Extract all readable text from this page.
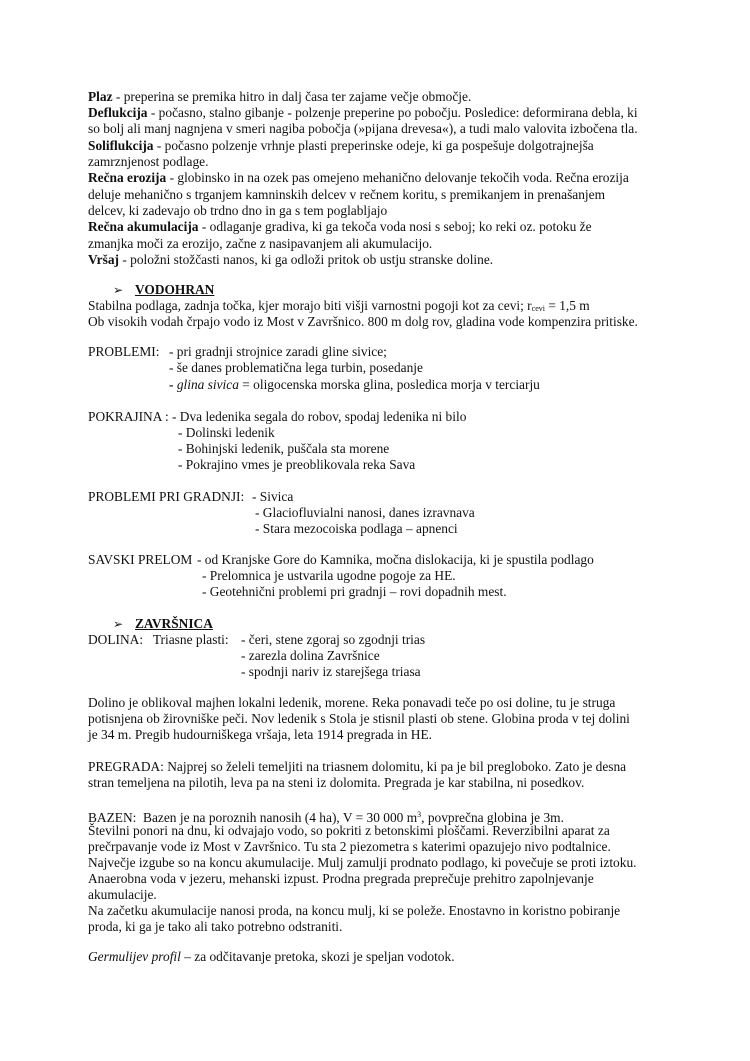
Plaz - preperina se premika hitro in dalj časa ter zajame večje območje.
Deflukcija - počasno, stalno gibanje - polzenje preperine po pobočju. Posledice: deformirana debla, ki
so bolj ali manj nagnjena v smeri nagiba pobočja (»pijana drevesa«), a tudi malo valovita izbočena tla.
Soliflukcija - počasno polzenje vrhnje plasti preperinske odeje, ki ga pospešuje dolgotrajnejša
zamrznjenost podlage.
Rečna erozija - globinsko in na ozek pas omejeno mehanično delovanje tekočih voda. Rečna erozija
deluje mehanično s trganjem kamninskih delcev v rečnem koritu, s premikanjem in prenašanjem
delcev, ki zadevajo ob trdno dno in ga s tem poglabljajo
Rečna akumulacija - odlaganje gradiva, ki ga tekoča voda nosi s seboj; ko reki oz. potoku že
zmanjka moči za erozijo, začne z nasipavanjem ali akumulacijo.
Vršaj - položni stožčasti nanos, ki ga odloži pritok ob ustju stranske doline.
➢ VODOHRAN
Stabilna podlaga, zadnja točka, kjer morajo biti višji varnostni pogoji kot za cevi; $r_{cevi} = 1,5$ m
Ob visokih vodah črpajo vodo iz Most v Završnico. 800 m dolg rov, gladina vode kompenzira pritiske.
PROBLEMI: - pri gradnji strojnice zaradi gline sivice;
- še danes problematična lega turbin, posedanje
- glina sivica = oligocenska morska glina, posledica morja v terciarju
POKRAJINA : - Dva ledenika segala do robov, spodaj ledenika ni bilo
- Dolinski ledenik
- Bohinjski ledenik, puščala sta morene
- Pokrajino vmes je preoblikovala reka Sava
PROBLEMI PRI GRADNJI: - Sivica
- Glaciofluvialni nanosi, danes izravnava
- Stara mezocoiska podlaga – apnenci
SAVSKI PRELOM - od Kranjske Gore do Kamnika, močna dislokacija, ki je spustila podlago
- Prelomnica je ustvarila ugodne pogoje za HE.
- Geotehnični problemi pri gradnji – rovi dopadnih mest.
➢ ZAVRŠNICA
DOLINA:   Triasne plasti: - čeri, stene zgoraj so zgodnji trias
- zarezla dolina Završnice
- spodnji nariv iz starejšega triasa
Dolino je oblikoval majhen lokalni ledenik, morene. Reka ponavadi teče po osi doline, tu je struga
potisnjena ob žirovniške peči. Nov ledenik s Stola je stisnil plasti ob stene. Globina proda v tej dolini
je 34 m. Pregib hudourniškega vršaja, leta 1914 pregrada in HE.
PREGRADA: Najprej so želeli temeljiti na triasnem dolomitu, ki pa je bil pregloboko. Zato je desna
stran temeljena na pilotih, leva pa na steni iz dolomita. Pregrada je kar stabilna, ni posedkov.
BAZEN:  Bazen je na poroznih nanosih (4 ha), V = 30 000 $m^3$, povprečna globina je 3m.
Številni ponori na dnu, ki odvajajo vodo, so pokriti z betonskimi ploščami. Reverzibilni aparat za
prečrpavanje vode iz Most v Završnico. Tu sta 2 piezometra s katerimi opazujejo nivo podtalnice.
Največje izgube so na koncu akumulacije. Mulj zamulji prodnato podlago, ki povečuje se proti iztoku.
Anaerobna voda v jezeru, mehanski izpust. Prodna pregrada preprečuje prehitro zapolnjevanje
akumulacije.
Na začetku akumulacije nanosi proda, na koncu mulj, ki se poleže. Enostavno in koristno pobiranje
proda, ki ga je tako ali tako potrebno odstraniti.
Germulijev profil – za odčitavanje pretoka, skozi je speljan vodotok.
